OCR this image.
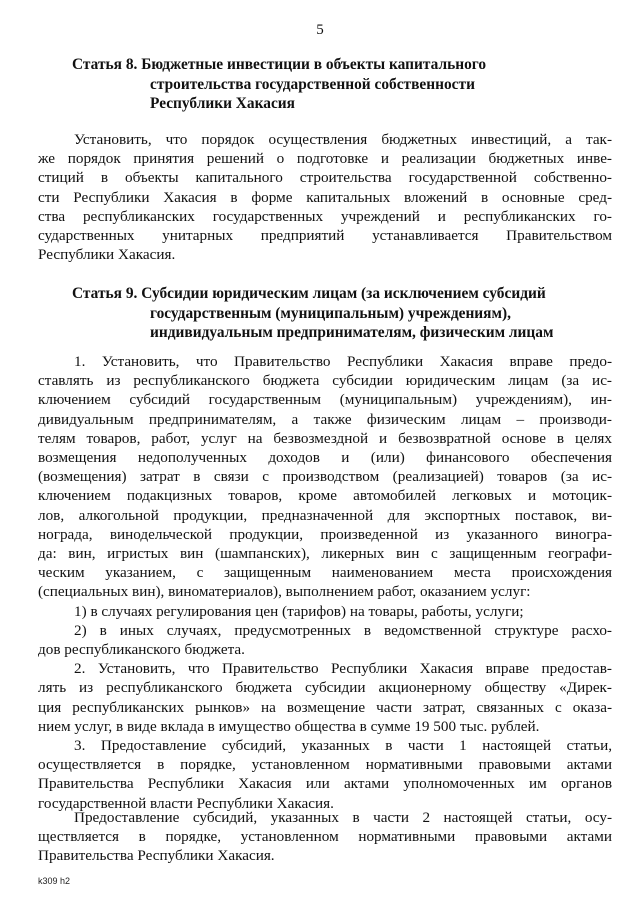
5
Статья 8. Бюджетные инвестиции в объекты капитального
строительства государственной собственности
Республики Хакасия
Установить, что порядок осуществления бюджетных инвестиций, а так-
же порядок принятия решений о подготовке и реализации бюджетных инве-
стиций в объекты капитального строительства государственной собственно-
сти Республики Хакасия в форме капитальных вложений в основные сред-
ства республиканских государственных учреждений и республиканских го-
сударственных унитарных предприятий устанавливается Правительством
Республики Хакасия.
Статья 9. Субсидии юридическим лицам (за исключением субсидий
государственным (муниципальным) учреждениям),
индивидуальным предпринимателям, физическим лицам
1. Установить, что Правительство Республики Хакасия вправе предо-
ставлять из республиканского бюджета субсидии юридическим лицам (за ис-
ключением субсидий государственным (муниципальным) учреждениям), ин-
дивидуальным предпринимателям, а также физическим лицам – производи-
телям товаров, работ, услуг на безвозмездной и безвозвратной основе в целях
возмещения недополученных доходов и (или) финансового обеспечения
(возмещения) затрат в связи с производством (реализацией) товаров (за ис-
ключением подакцизных товаров, кроме автомобилей легковых и мотоцик-
лов, алкогольной продукции, предназначенной для экспортных поставок, ви-
нограда, винодельческой продукции, произведенной из указанного виногра-
да: вин, игристых вин (шампанских), ликерных вин с защищенным географи-
ческим указанием, с защищенным наименованием места происхождения
(специальных вин), виноматериалов), выполнением работ, оказанием услуг:
1) в случаях регулирования цен (тарифов) на товары, работы, услуги;
2) в иных случаях, предусмотренных в ведомственной структуре расхо-
дов республиканского бюджета.
2. Установить, что Правительство Республики Хакасия вправе предостав-
лять из республиканского бюджета субсидии акционерному обществу «Дирек-
ция республиканских рынков» на возмещение части затрат, связанных с оказа-
нием услуг, в виде вклада в имущество общества в сумме 19 500 тыс. рублей.
3. Предоставление субсидий, указанных в части 1 настоящей статьи,
осуществляется в порядке, установленном нормативными правовыми актами
Правительства Республики Хакасия или актами уполномоченных им органов
государственной власти Республики Хакасия.
Предоставление субсидий, указанных в части 2 настоящей статьи, осу-
ществляется в порядке, установленном нормативными правовыми актами
Правительства Республики Хакасия.
k309 h2
